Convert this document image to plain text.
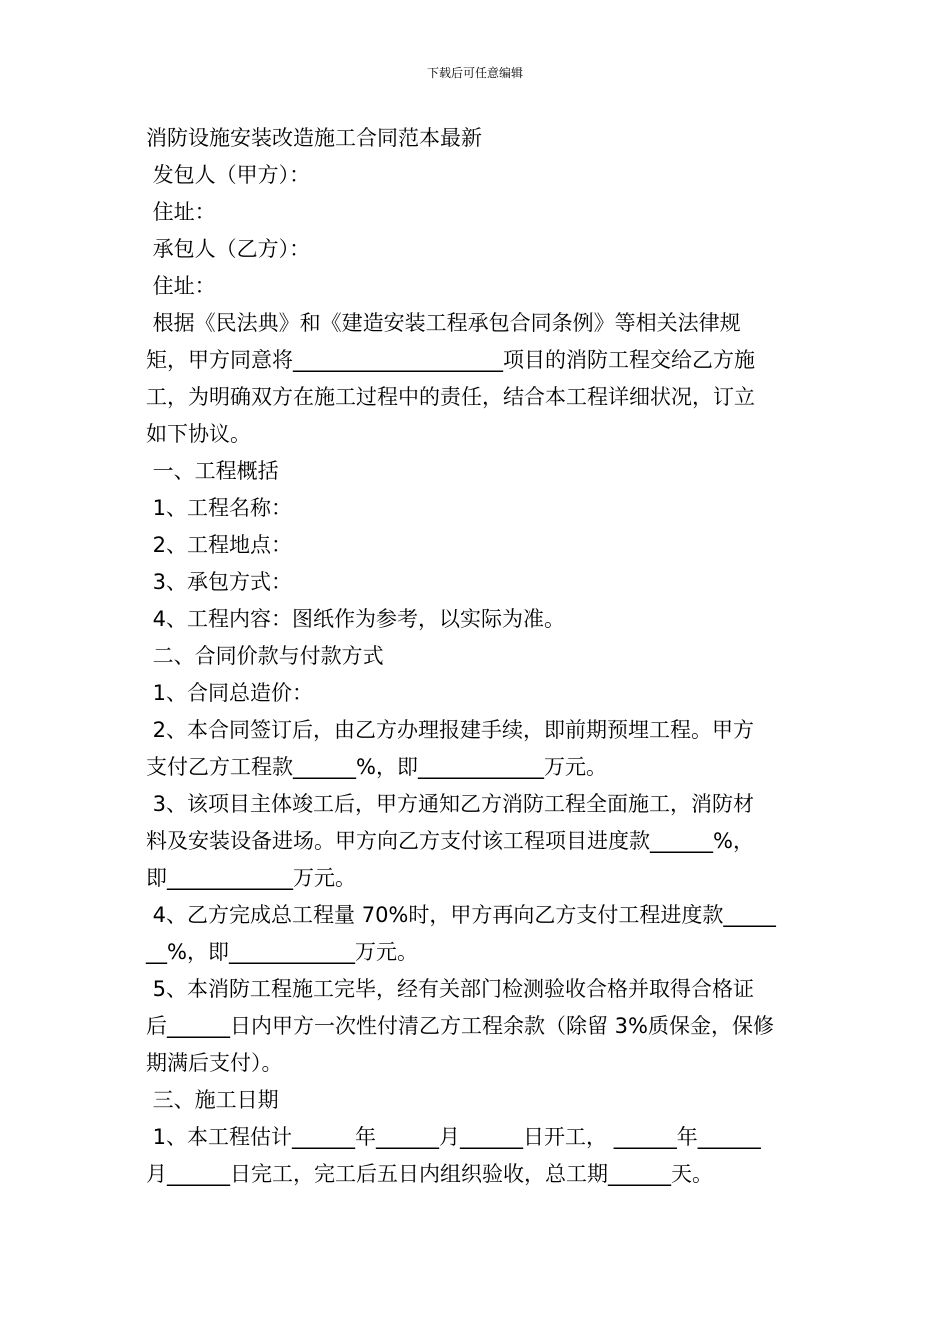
下载后可任意编辑
消防设施安装改造施工合同范本最新
发包人（甲方）：
住址：
承包人（乙方）：
住址：
根据《民法典》和《建造安装工程承包合同条例》等相关法律规
矩，甲方同意将____________________项目的消防工程交给乙方施
工，为明确双方在施工过程中的责任，结合本工程详细状况，订立
如下协议。
一、工程概括
1、工程名称：
2、工程地点：
3、承包方式：
4、工程内容：图纸作为参考，以实际为准。
二、合同价款与付款方式
1、合同总造价：
2、本合同签订后，由乙方办理报建手续，即前期预埋工程。甲方
支付乙方工程款______%，即____________万元。
3、该项目主体竣工后，甲方通知乙方消防工程全面施工，消防材
料及安装设备进场。甲方向乙方支付该工程项目进度款______%，
即____________万元。
4、乙方完成总工程量 70%时，甲方再向乙方支付工程进度款_____
__%，即____________万元。
5、本消防工程施工完毕，经有关部门检测验收合格并取得合格证
后______日内甲方一次性付清乙方工程余款（除留 3%质保金，保修
期满后支付）。
三、施工日期
1、本工程估计______年______月______日开工， ______年______
月______日完工，完工后五日内组织验收，总工期______天。
